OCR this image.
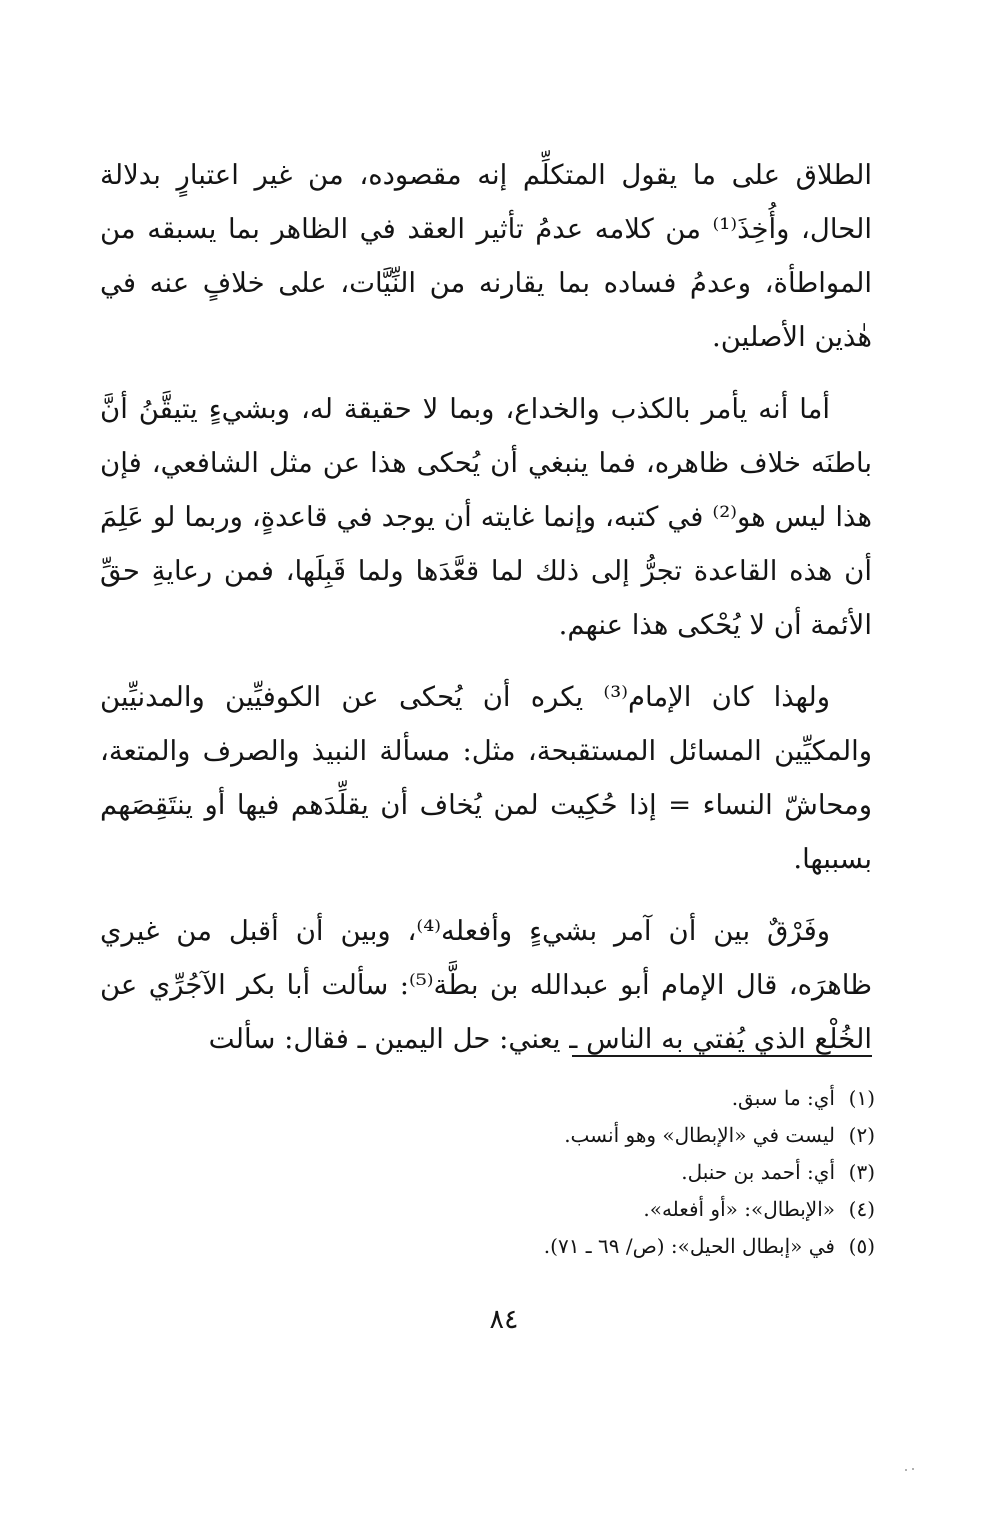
الطلاق على ما يقول المتكلِّم إنه مقصوده، من غير اعتبارٍ بدلالة الحال، وأُخِذَ⁽¹⁾ من كلامه عدمُ تأثير العقد في الظاهر بما يسبقه من المواطأة، وعدمُ فساده بما يقارنه من النِّيَّات، على خلافٍ عنه في هٰذين الأصلين.

أما أنه يأمر بالكذب والخداع، وبما لا حقيقة له، وبشيءٍ يتيقَّنُ أنَّ باطنَه خلاف ظاهره، فما ينبغي أن يُحكى هذا عن مثل الشافعي، فإن هذا ليس هو⁽²⁾ في كتبه، وإنما غايته أن يوجد في قاعدةٍ، وربما لو عَلِمَ أن هذه القاعدة تجرُّ إلى ذلك لما قعَّدَها ولما قَبِلَها، فمن رعايةِ حقِّ الأئمة أن لا يُحْكى هذا عنهم.

ولهذا كان الإمام⁽³⁾ يكره أن يُحكى عن الكوفيِّين والمدنيِّين والمكيِّين المسائل المستقبحة، مثل: مسألة النبيذ والصرف والمتعة، ومحاشّ النساء = إذا حُكِيت لمن يُخاف أن يقلِّدَهم فيها أو ينتَقِصَهم بسببها.

وفَرْقٌ بين أن آمر بشيءٍ وأفعله⁽⁴⁾، وبين أن أقبل من غيري ظاهرَه، قال الإمام أبو عبدالله بن بطَّة⁽⁵⁾: سألت أبا بكر الآجُرِّي عن الخُلْع الذي يُفتي به الناس ـ يعني: حل اليمين ـ فقال: سألت

(١)
أي: ما سبق.
(٢)
ليست في «الإبطال» وهو أنسب.
(٣)
أي: أحمد بن حنبل.
(٤)
«الإبطال»: «أو أفعله».
(٥)
في «إبطال الحيل»: (ص/ ٦٩ ـ ٧١).
٨٤
